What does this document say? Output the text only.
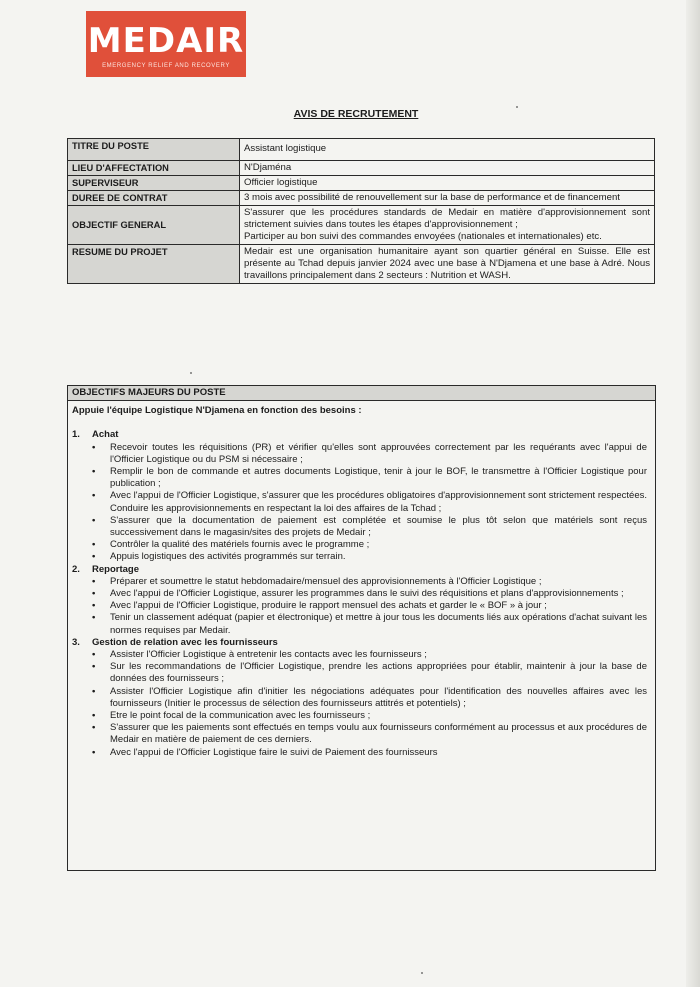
MEDAIR
EMERGENCY RELIEF AND RECOVERY
AVIS DE RECRUTEMENT
TITRE DU POSTE	Assistant logistique
LIEU D'AFFECTATION	N'Djaména
SUPERVISEUR	Officier logistique
DUREE DE CONTRAT	3 mois avec possibilité de renouvellement sur la base de performance et de financement
OBJECTIF GENERAL	S'assurer que les procédures standards de Medair en matière d'approvisionnement sont strictement suivies dans toutes les étapes d'approvisionnement ;
Participer au bon suivi des commandes envoyées (nationales et internationales) etc.

RESUME DU PROJET	Medair est une organisation humanitaire ayant son quartier général en Suisse. Elle est présente au Tchad depuis janvier 2024 avec une base à N'Djamena et une base à Adré. Nous travaillons principalement dans 2 secteurs : Nutrition et WASH.
OBJECTIFS MAJEURS DU POSTE
Appuie l'équipe Logistique N'Djamena en fonction des besoins :
1. Achat
• Recevoir toutes les réquisitions (PR) et vérifier qu'elles sont approuvées correctement par les requérants avec l'appui de l'Officier Logistique ou du PSM si nécessaire ;
• Remplir le bon de commande et autres documents Logistique, tenir à jour le BOF, le transmettre à l'Officier Logistique pour publication ;
• Avec l'appui de l'Officier Logistique, s'assurer que les procédures obligatoires d'approvisionnement sont strictement respectées. Conduire les approvisionnements en respectant la loi des affaires de la Tchad ;
• S'assurer que la documentation de paiement est complétée et soumise le plus tôt selon que matériels sont reçus successivement dans le magasin/sites des projets de Medair ;
• Contrôler la qualité des matériels fournis avec le programme ;
• Appuis logistiques des activités programmés sur terrain.
2. Reportage
• Préparer et soumettre le statut hebdomadaire/mensuel des approvisionnements à l'Officier Logistique ;
• Avec l'appui de l'Officier Logistique, assurer les programmes dans le suivi des réquisitions et plans d'approvisionnements ;
• Avec l'appui de l'Officier Logistique, produire le rapport mensuel des achats et garder le « BOF » à jour ;
• Tenir un classement adéquat (papier et électronique) et mettre à jour tous les documents liés aux opérations d'achat suivant les normes requises par Medair.
3. Gestion de relation avec les fournisseurs
• Assister l'Officier Logistique à entretenir les contacts avec les fournisseurs ;
• Sur les recommandations de l'Officier Logistique, prendre les actions appropriées pour établir, maintenir à jour la base de données des fournisseurs ;
• Assister l'Officier Logistique afin d'initier les négociations adéquates pour l'identification des nouvelles affaires avec les fournisseurs (Initier le processus de sélection des fournisseurs attitrés et potentiels) ;
• Etre le point focal de la communication avec les fournisseurs ;
• S'assurer que les paiements sont effectués en temps voulu aux fournisseurs conformément au processus et aux procédures de Medair en matière de paiement de ces derniers.
• Avec l'appui de l'Officier Logistique faire le suivi de Paiement des fournisseurs
